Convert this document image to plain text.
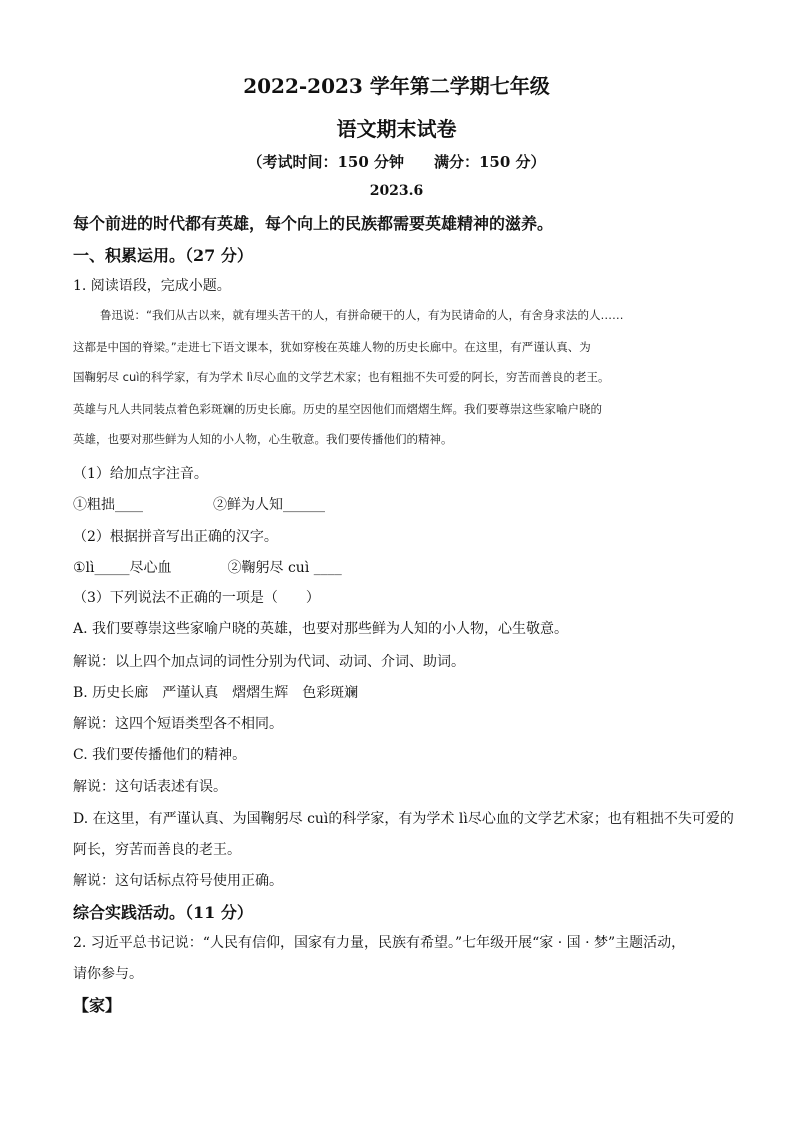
2022-2023 学年第二学期七年级
语文期末试卷
（考试时间：150 分钟　　满分：150 分）
2023.6
每个前进的时代都有英雄，每个向上的民族都需要英雄精神的滋养。
一、积累运用。（27 分）
1. 阅读语段，完成小题。
鲁迅说：“我们从古以来，就有埋头苦干的人，有拼命硬干的人，有为民请命的人，有舍身求法的人……
这都是中国的脊梁。”走进七下语文课本，犹如穿梭在英雄人物的历史长廊中。在这里，有严谨认真、为
国鞠躬尽 cuì的科学家，有为学术 lì尽心血的文学艺术家；也有粗拙不失可爱的阿长，穷苦而善良的老王。
英雄与凡人共同装点着色彩斑斓的历史长廊。历史的星空因他们而熠熠生辉。我们要尊崇这些家喻户晓的
英雄，也要对那些鲜为人知的小人物，心生敬意。我们要传播他们的精神。
（1）给加点字注音。
①粗拙____　　　　　②鲜为人知______
（2）根据拼音写出正确的汉字。
①lì_____尽心血　　　　②鞠躬尽 cuì ____
（3）下列说法不正确的一项是（　　）
A. 我们要尊崇这些家喻户晓的英雄，也要对那些鲜为人知的小人物，心生敬意。
解说：以上四个加点词的词性分别为代词、动词、介词、助词。
B. 历史长廊　严谨认真　熠熠生辉　色彩斑斓
解说：这四个短语类型各不相同。
C. 我们要传播他们的精神。
解说：这句话表述有误。
D. 在这里，有严谨认真、为国鞠躬尽 cuì的科学家，有为学术 lì尽心血的文学艺术家；也有粗拙不失可爱的
阿长，穷苦而善良的老王。
解说：这句话标点符号使用正确。
综合实践活动。（11 分）
2. 习近平总书记说：“人民有信仰，国家有力量，民族有希望。”七年级开展“家 · 国 · 梦”主题活动，
请你参与。
【家】
